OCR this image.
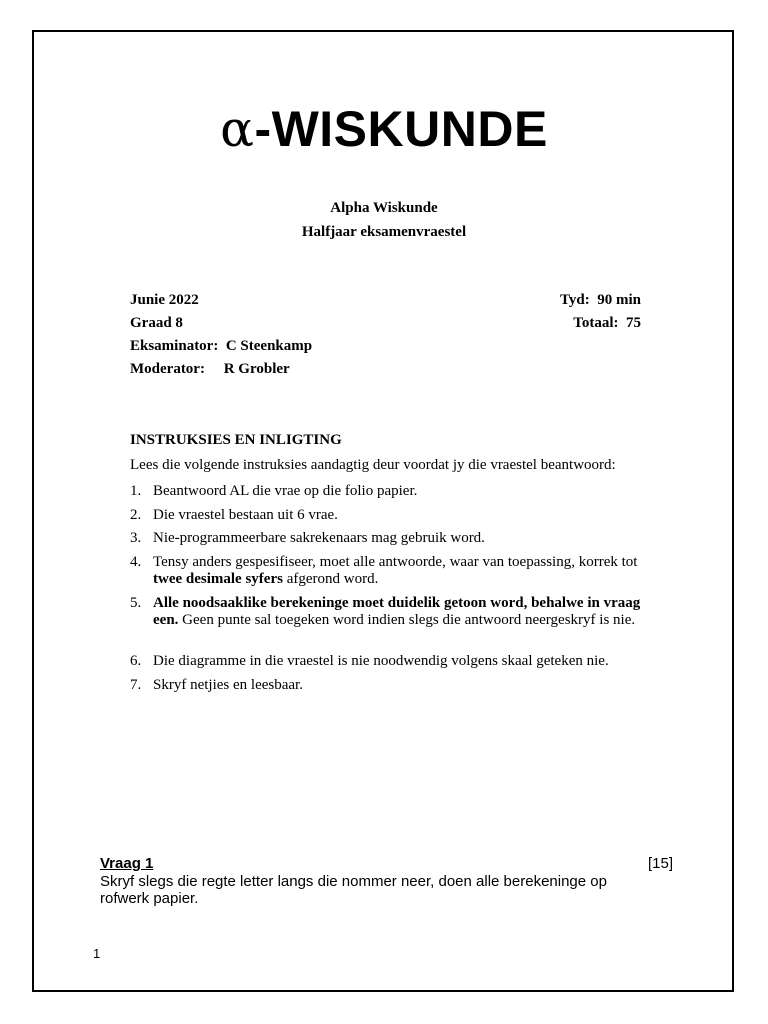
α-WISKUNDE
Alpha Wiskunde
Halfjaar eksamenvraestel
Junie 2022
Graad 8
Eksaminator: C Steenkamp
Moderator: R Grobler
Tyd: 90 min
Totaal: 75
INSTRUKSIES EN INLIGTING
Lees die volgende instruksies aandagtig deur voordat jy die vraestel beantwoord:
1. Beantwoord AL die vrae op die folio papier.
2. Die vraestel bestaan uit 6 vrae.
3. Nie-programmeerbare sakrekenaars mag gebruik word.
4. Tensy anders gespesifiseer, moet alle antwoorde, waar van toepassing, korrek tot twee desimale syfers afgerond word.
5. Alle noodsaaklike berekeninge moet duidelik getoon word, behalwe in vraag een. Geen punte sal toegeken word indien slegs die antwoord neergeskryf is nie.
6. Die diagramme in die vraestel is nie noodwendig volgens skaal geteken nie.
7. Skryf netjies en leesbaar.
Vraag 1	[15]
Skryf slegs die regte letter langs die nommer neer, doen alle berekeninge op rofwerk papier.
1
